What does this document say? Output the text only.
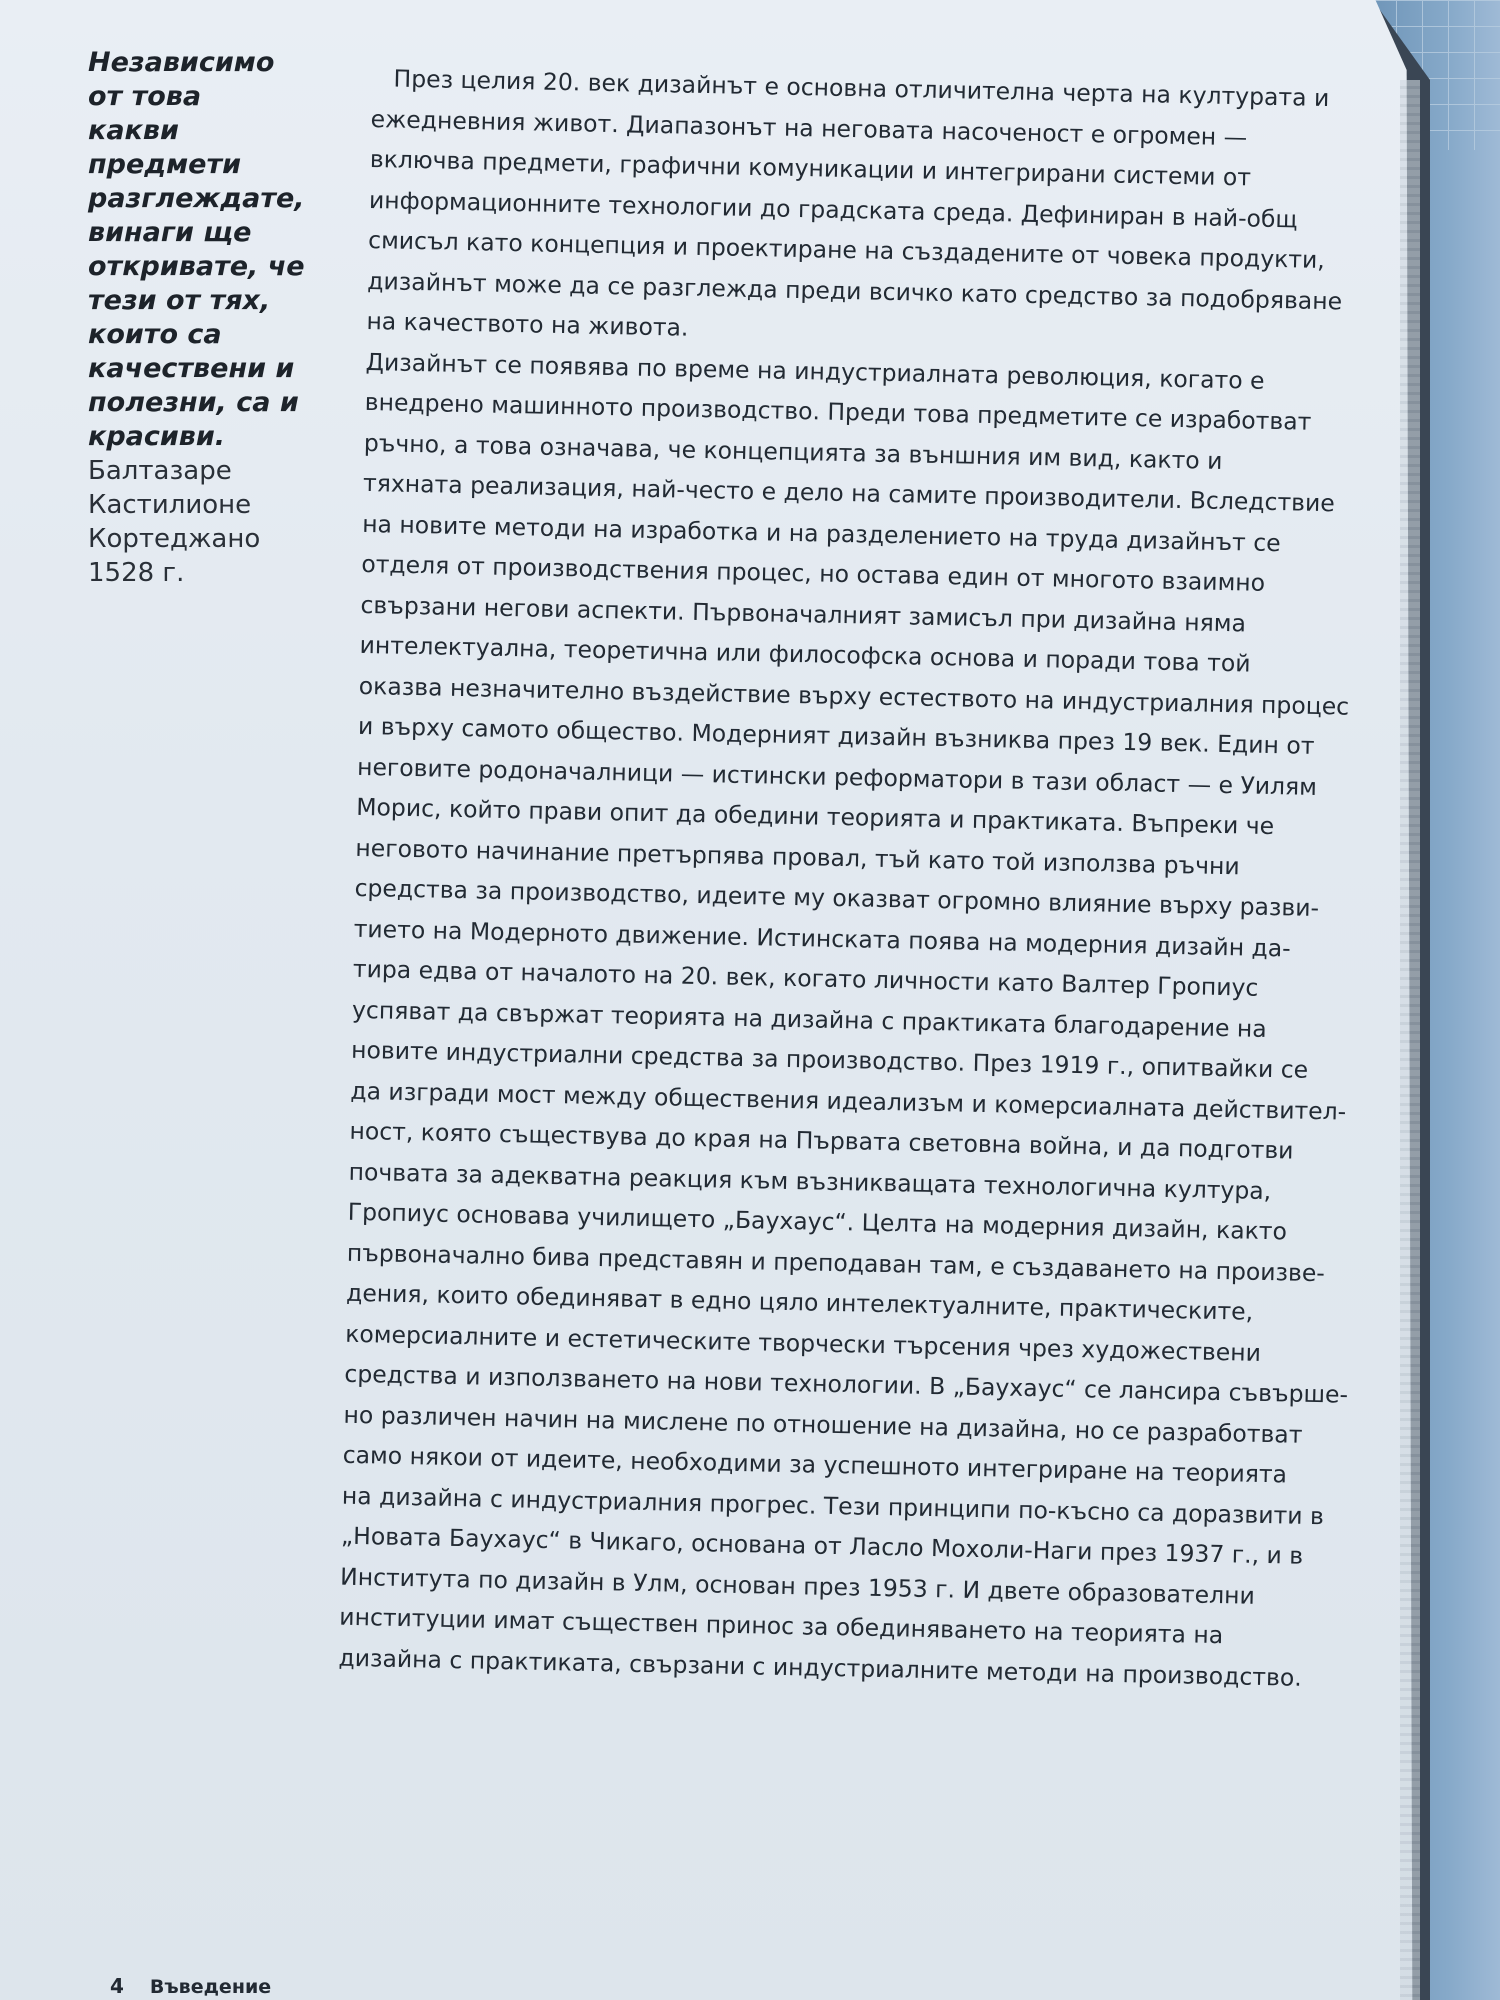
Независимо
от това
какви
предмети
разглеждате,
винаги ще
откривате, че
тези от тях,
които са
качествени и
полезни, са и
красиви.

Балтазаре
Кастилионе
Кортеджано
1528 г.

През целия 20. век дизайнът е основна отличителна черта на културата и
ежедневния живот. Диапазонът на неговата насоченост е огромен —
включва предмети, графични комуникации и интегрирани системи от
информационните технологии до градската среда. Дефиниран в най-общ
смисъл като концепция и проектиране на създадените от човека продукти,
дизайнът може да се разглежда преди всичко като средство за подобряване
на качеството на живота.

Дизайнът се появява по време на индустриалната революция, когато е
внедрено машинното производство. Преди това предметите се изработват
ръчно, а това означава, че концепцията за външния им вид, както и
тяхната реализация, най-често е дело на самите производители. Вследствие
на новите методи на изработка и на разделението на труда дизайнът се
отделя от производствения процес, но остава един от многото взаимно
свързани негови аспекти. Първоначалният замисъл при дизайна няма
интелектуална, теоретична или философска основа и поради това той
оказва незначително въздействие върху естеството на индустриалния процес
и върху самото общество. Модерният дизайн възниква през 19 век. Един от
неговите родоначалници — истински реформатори в тази област — е Уилям
Морис, който прави опит да обедини теорията и практиката. Въпреки че
неговото начинание претърпява провал, тъй като той използва ръчни
средства за производство, идеите му оказват огромно влияние върху разви-
тието на Модерното движение. Истинската поява на модерния дизайн да-
тира едва от началото на 20. век, когато личности като Валтер Гропиус
успяват да свържат теорията на дизайна с практиката благодарение на
новите индустриални средства за производство. През 1919 г., опитвайки се
да изгради мост между обществения идеализъм и комерсиалната действител-
ност, която съществува до края на Първата световна война, и да подготви
почвата за адекватна реакция към възникващата технологична култура,
Гропиус основава училището „Баухаус“. Целта на модерния дизайн, както
първоначално бива представян и преподаван там, е създаването на произве-
дения, които обединяват в едно цяло интелектуалните, практическите,
комерсиалните и естетическите творчески търсения чрез художествени
средства и използването на нови технологии. В „Баухаус“ се лансира съвърше-
но различен начин на мислене по отношение на дизайна, но се разработват
само някои от идеите, необходими за успешното интегриране на теорията
на дизайна с индустриалния прогрес. Тези принципи по-късно са доразвити в
„Новата Баухаус“ в Чикаго, основана от Ласло Мохоли-Наги през 1937 г., и в
Института по дизайн в Улм, основан през 1953 г. И двете образователни
институции имат съществен принос за обединяването на теорията на
дизайна с практиката, свързани с индустриалните методи на производство.

4 Въведение
